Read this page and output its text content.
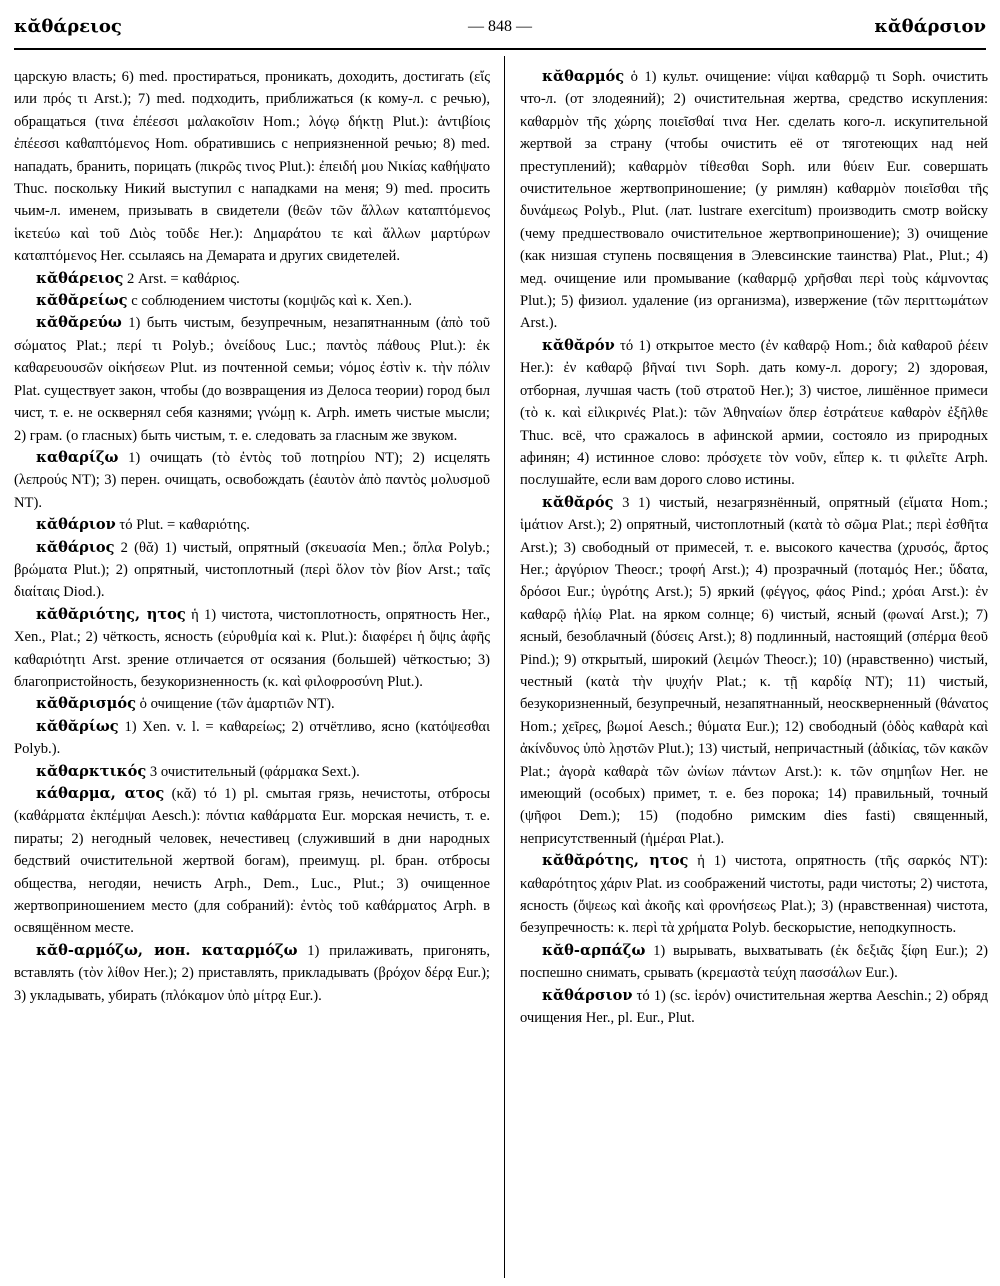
κᾰθάρειος	— 848 —	κᾰθάρσιον

царскую власть; 6) med. простираться, проникать, доходить, достигать (εἴς или πρός τι Arst.); 7) med. подходить, приближаться (к кому-л. с речью), обращаться (τινα ἐπέεσσι μαλακοῖσιν Hom.; λόγῳ δήκτῃ Plut.): ἀντιβίοις ἐπέεσσι καθαπτόμενος Hom. обратившись с неприязненной речью; 8) med. нападать, бранить, порицать (πικρῶς τινος Plut.): ἐπειδή μου Νικίας καθήψατο Thuc. поскольку Никий выступил с нападками на меня; 9) med. просить чьим-л. именем, призывать в свидетели (θεῶν τῶν ἄλλων καταπτόμενος ἱκετεύω καὶ τοῦ Διὸς τοῦδε Her.): Δημαράτου τε καὶ ἄλλων μαρτύρων καταπτόμενος Her. ссылаясь на Демарата и других свидетелей.

κᾰθάρειος 2 Arst. = καθάριος.

κᾰθᾰρείως с соблюдением чистоты (κομψῶς καὶ κ. Xen.).

κᾰθᾰρεύω 1) быть чистым, безупречным, незапятнанным (ἀπὸ τοῦ σώματος Plat.; περί τι Polyb.; ὀνείδους Luc.; παντὸς πάθους Plut.): ἐκ καθαρευουσῶν οἰκήσεων Plut. из почтенной семьи; νόμος ἐστὶν κ. τὴν πόλιν Plat. существует закон, чтобы (до возвращения из Делоса теории) город был чист, т. е. не осквернял себя казнями; γνώμῃ κ. Arph. иметь чистые мысли; 2) грам. (о гласных) быть чистым, т. е. следовать за гласным же звуком.

καθαρίζω 1) очищать (τὸ ἐντὸς τοῦ ποτηρίου NT); 2) исцелять (λεπρούς NT); 3) перен. очищать, освобождать (ἑαυτὸν ἀπὸ παντὸς μολυσμοῦ NT).

κᾰθάριον τό Plut. = καθαριότης.

κᾰθάριος 2 (θᾰ) 1) чистый, опрятный (σκευασία Men.; ὅπλα Polyb.; βρώματα Plut.); 2) опрятный, чистоплотный (περὶ ὅλον τὸν βίον Arst.; ταῖς διαίταις Diod.).

κᾰθᾰριότης, ητος ἡ 1) чистота, чистоплотность, опрятность Her., Xen., Plat.; 2) чёткость, ясность (εὐρυθμία καὶ κ. Plut.): διαφέρει ἡ ὄψις ἁφῆς καθαριότητι Arst. зрение отличается от осязания (большей) чёткостью; 3) благопристойность, безукоризненность (κ. καὶ φιλοφροσύνη Plut.).

κᾰθᾰρισμός ὁ очищение (τῶν ἁμαρτιῶν NT).

κᾰθᾰρίως 1) Xen. v. l. = καθαρείως; 2) отчётливо, ясно (κατόψεσθαι Polyb.).

κᾰθαρκτικός 3 очистительный (φάρμακα Sext.).

κάθαρμα, ατος (κᾰ) τό 1) pl. смытая грязь, нечистоты, отбросы (καθάρματα ἐκπέμψαι Aesch.): πόντια καθάρματα Eur. морская нечисть, т. е. пираты; 2) негодный человек, нечестивец (служивший в дни народных бедствий очистительной жертвой богам), преимущ. pl. бран. отбросы общества, негодяи, нечисть Arph., Dem., Luc., Plut.; 3) очищенное жертвоприношением место (для собраний): ἐντὸς τοῦ καθάρματος Arph. в освящённом месте.

κᾰθ-αρμόζω, ион. καταρμόζω 1) прилаживать, пригонять, вставлять (τὸν λίθον Her.); 2) приставлять, прикладывать (βρόχον δέρᾳ Eur.); 3) укладывать, убирать (πλόκαμον ὑπὸ μίτρᾳ Eur.).

κᾰθαρμός ὁ 1) культ. очищение: νίψαι καθαρμῷ τι Soph. очистить что-л. (от злодеяний); 2) очистительная жертва, средство искупления: καθαρμὸν τῆς χώρης ποιεῖσθαί τινα Her. сделать кого-л. искупительной жертвой за страну (чтобы очистить её от тяготеющих над ней преступлений); καθαρμὸν τίθεσθαι Soph. или θύειν Eur. совершать очистительное жертвоприношение; (у римлян) καθαρμὸν ποιεῖσθαι τῆς δυνάμεως Polyb., Plut. (лат. lustrare exercitum) производить смотр войску (чему предшествовало очистительное жертвоприношение); 3) очищение (как низшая ступень посвящения в Элевсинские таинства) Plat., Plut.; 4) мед. очищение или промывание (καθαρμῷ χρῆσθαι περὶ τοὺς κάμνοντας Plut.); 5) физиол. удаление (из организма), извержение (τῶν περιττωμάτων Arst.).

κᾰθᾰρόν τό 1) открытое место (ἐν καθαρῷ Hom.; διὰ καθαροῦ ῥέειν Her.): ἐν καθαρῷ βῆναί τινι Soph. дать кому-л. дорогу; 2) здоровая, отборная, лучшая часть (τοῦ στρατοῦ Her.); 3) чистое, лишённое примеси (τὸ κ. καὶ εἰλικρινές Plat.): τῶν Ἀθηναίων ὅπερ ἐστράτευε καθαρὸν ἐξῆλθε Thuc. всё, что сражалось в афинской армии, состояло из природных афинян; 4) истинное слово: πρόσχετε τὸν νοῦν, εἴπερ κ. τι φιλεῖτε Arph. послушайте, если вам дорого слово истины.

κᾰθᾰρός 3 1) чистый, незагрязнённый, опрятный (εἵματα Hom.; ἱμάτιον Arst.); 2) опрятный, чистоплотный (κατὰ τὸ σῶμα Plat.; περὶ ἐσθῆτα Arst.); 3) свободный от примесей, т. е. высокого качества (χρυσός, ἄρτος Her.; ἀργύριον Theocr.; τροφή Arst.); 4) прозрачный (ποταμός Her.; ὕδατα, δρόσοι Eur.; ὑγρότης Arst.); 5) яркий (φέγγος, φάος Pind.; χρόαι Arst.): ἐν καθαρῷ ἡλίῳ Plat. на ярком солнце; 6) чистый, ясный (φωναί Arst.); 7) ясный, безоблачный (δύσεις Arst.); 8) подлинный, настоящий (σπέρμα θεοῦ Pind.); 9) открытый, широкий (λειμών Theocr.); 10) (нравственно) чистый, честный (κατὰ τὴν ψυχήν Plat.; κ. τῇ καρδίᾳ NT); 11) чистый, безукоризненный, безупречный, незапятнанный, неоскверненный (θάνατος Hom.; χεῖρες, βωμοί Aesch.; θύματα Eur.); 12) свободный (ὁδὸς καθαρὰ καὶ ἀκίνδυνος ὑπὸ λῃστῶν Plut.); 13) чистый, непричастный (ἀδικίας, τῶν κακῶν Plat.; ἀγορὰ καθαρὰ τῶν ὠνίων πάντων Arst.): κ. τῶν σημηΐων Her. не имеющий (особых) примет, т. е. без порока; 14) правильный, точный (ψῆφοι Dem.); 15) (подобно римским dies fasti) священный, неприсутственный (ἡμέραι Plat.).

κᾰθᾰρότης, ητος ἡ 1) чистота, опрятность (τῆς σαρκός NT): καθαρότητος χάριν Plat. из соображений чистоты, ради чистоты; 2) чистота, ясность (ὄψεως καὶ ἀκοῆς καὶ φρονήσεως Plat.); 3) (нравственная) чистота, безупречность: κ. περὶ τὰ χρήματα Polyb. бескорыстие, неподкупность.

κᾰθ-αρπάζω 1) вырывать, выхватывать (ἐκ δεξιᾶς ξίφη Eur.); 2) поспешно снимать, срывать (κρεμαστὰ τεύχη πασσάλων Eur.).

κᾰθάρσιον τό 1) (sc. ἱερόν) очистительная жертва Aeschin.; 2) обряд очищения Her., pl. Eur., Plut.
